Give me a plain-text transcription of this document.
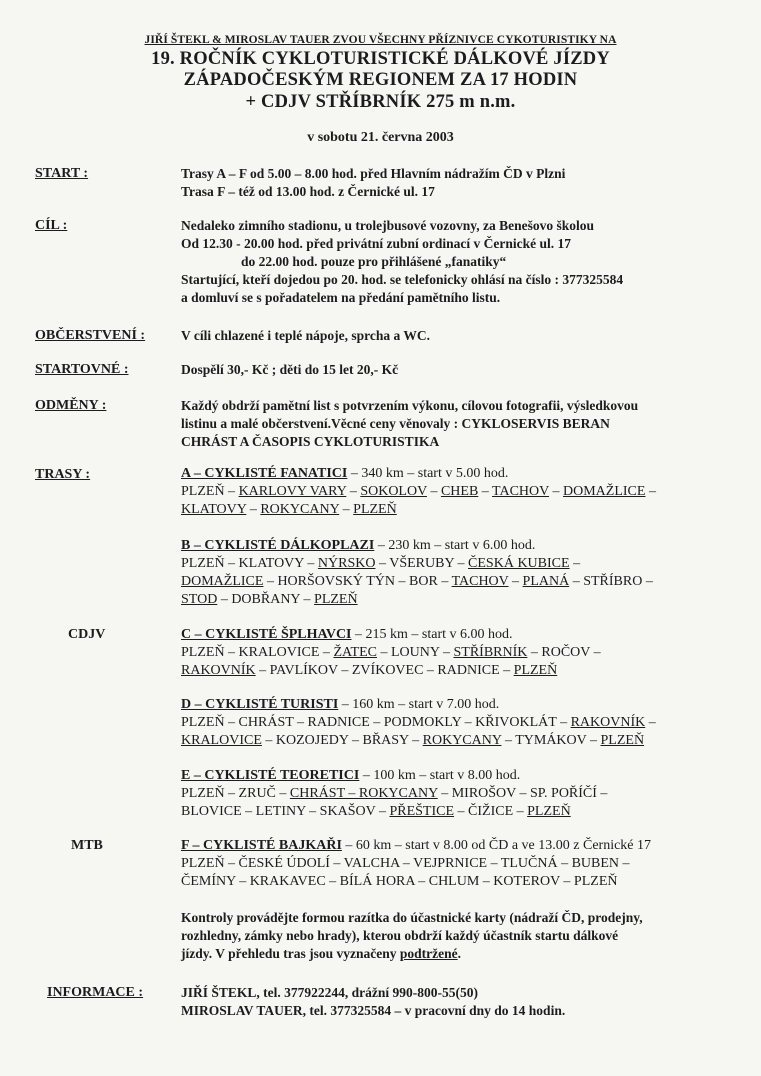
JIŘÍ ŠTEKL & MIROSLAV TAUER ZVOU VŠECHNY PŘÍZNIVCE CYKOTURISTIKY NA
19. ROČNÍK CYKLOTURISTICKÉ DÁLKOVÉ JÍZDY
ZÁPADOČESKÝM REGIONEM ZA 17 HODIN
+ CDJV STŘÍBRNÍK 275 m n.m.
v sobotu 21. června 2003
START :	Trasy A – F od 5.00 – 8.00 hod. před Hlavním nádražím ČD v Plzni
Trasa F – též od 13.00 hod. z Černické ul. 17
CÍL :	Nedaleko zimního stadionu, u trolejbusové vozovny, za Benešovo školou
Od 12.30 - 20.00 hod. před privátní zubní ordinací v Černické ul. 17
do 22.00 hod. pouze pro přihlášené „fanatiky“
Startující, kteří dojedou po 20. hod. se telefonicky ohlásí na číslo : 377325584
a domluví se s pořadatelem na předání pamětního listu.
OBČERSTVENÍ :	V cíli chlazené i teplé nápoje, sprcha a WC.
STARTOVNÉ :	Dospělí 30,- Kč ; děti do 15 let 20,- Kč
ODMĚNY :	Každý obdrží pamětní list s potvrzením výkonu, cílovou fotografii, výsledkovou
listinu a malé občerstvení.Věcné ceny věnovaly : CYKLOSERVIS BERAN
CHRÁST A ČASOPIS CYKLOTURISTIKA
TRASY :	A – CYKLISTÉ FANATICI – 340 km – start v 5.00 hod.
PLZEŇ – KARLOVY VARY – SOKOLOV – CHEB – TACHOV – DOMAŽLICE –
KLATOVY – ROKYCANY – PLZEŇ
B – CYKLISTÉ DÁLKOPLAZI – 230 km – start v 6.00 hod.
PLZEŇ – KLATOVY – NÝRSKO – VŠERUBY – ČESKÁ KUBICE –
DOMAŽLICE – HORŠOVSKÝ TÝN – BOR – TACHOV – PLANÁ – STŘÍBRO –
STOD – DOBŘANY – PLZEŇ
CDJV	C – CYKLISTÉ ŠPLHAVCI – 215 km – start v 6.00 hod.
PLZEŇ – KRALOVICE – ŽATEC – LOUNY – STŘÍBRNÍK – ROČOV –
RAKOVNÍK – PAVLÍKOV – ZVÍKOVEC – RADNICE – PLZEŇ
D – CYKLISTÉ TURISTI – 160 km – start v 7.00 hod.
PLZEŇ – CHRÁST – RADNICE – PODMOKLY – KŘIVOKLÁT – RAKOVNÍK –
KRALOVICE – KOZOJEDY – BŘASY – ROKYCANY – TYMÁKOV – PLZEŇ
E – CYKLISTÉ TEORETICI – 100 km – start v 8.00 hod.
PLZEŇ – ZRUČ – CHRÁST – ROKYCANY – MIROŠOV – SP. POŘÍČÍ –
BLOVICE – LETINY – SKAŠOV – PŘEŠTICE – ČIŽICE – PLZEŇ
MTB	F – CYKLISTÉ BAJKAŘI – 60 km – start v 8.00 od ČD a ve 13.00 z Černické 17
PLZEŇ – ČESKÉ ÚDOLÍ – VALCHA – VEJPRNICE – TLUČNÁ – BUBEN –
ČEMÍNY – KRAKAVEC – BÍLÁ HORA – CHLUM – KOTEROV – PLZEŇ
Kontroly provádějte formou razítka do účastnické karty (nádraží ČD, prodejny,
rozhledny, zámky nebo hrady), kterou obdrží každý účastník startu dálkové
jízdy. V přehledu tras jsou vyznačeny podtržené.
INFORMACE :	JIŘÍ ŠTEKL, tel. 377922244, drážní 990-800-55(50)
MIROSLAV TAUER, tel. 377325584 – v pracovní dny do 14 hodin.
